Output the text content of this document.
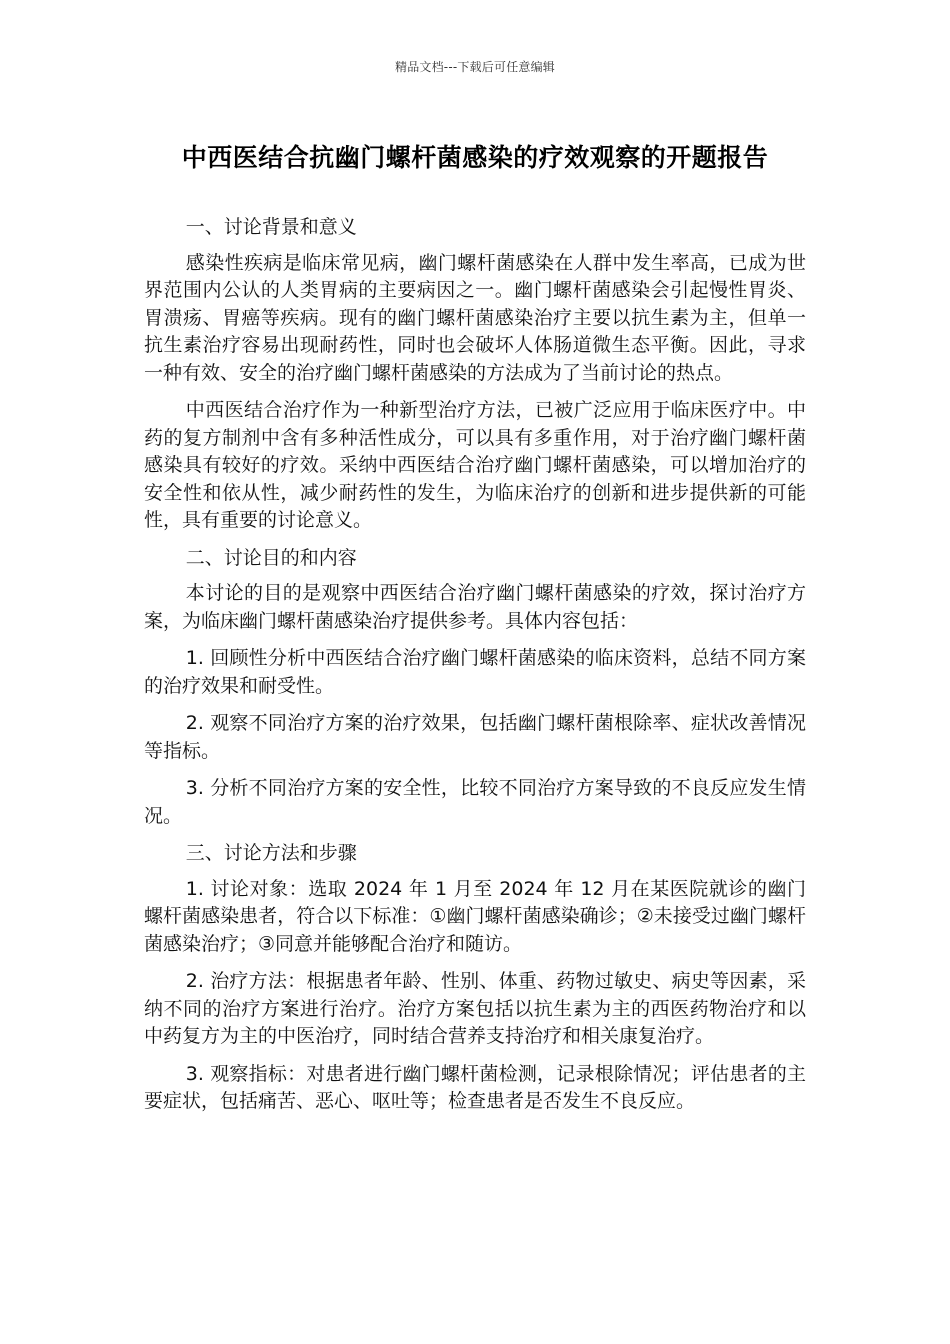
精品文档---下载后可任意编辑
中西医结合抗幽门螺杆菌感染的疗效观察的开题报告

一、讨论背景和意义

感染性疾病是临床常见病，幽门螺杆菌感染在人群中发生率高，已成为世界范围内公认的人类胃病的主要病因之一。幽门螺杆菌感染会引起慢性胃炎、胃溃疡、胃癌等疾病。现有的幽门螺杆菌感染治疗主要以抗生素为主，但单一抗生素治疗容易出现耐药性，同时也会破坏人体肠道微生态平衡。因此，寻求一种有效、安全的治疗幽门螺杆菌感染的方法成为了当前讨论的热点。

中西医结合治疗作为一种新型治疗方法，已被广泛应用于临床医疗中。中药的复方制剂中含有多种活性成分，可以具有多重作用，对于治疗幽门螺杆菌感染具有较好的疗效。采纳中西医结合治疗幽门螺杆菌感染，可以增加治疗的安全性和依从性，减少耐药性的发生，为临床治疗的创新和进步提供新的可能性，具有重要的讨论意义。

二、讨论目的和内容

本讨论的目的是观察中西医结合治疗幽门螺杆菌感染的疗效，探讨治疗方案，为临床幽门螺杆菌感染治疗提供参考。具体内容包括：

1. 回顾性分析中西医结合治疗幽门螺杆菌感染的临床资料，总结不同方案的治疗效果和耐受性。

2. 观察不同治疗方案的治疗效果，包括幽门螺杆菌根除率、症状改善情况等指标。

3. 分析不同治疗方案的安全性，比较不同治疗方案导致的不良反应发生情况。

三、讨论方法和步骤

1. 讨论对象：选取 2024 年 1 月至 2024 年 12 月在某医院就诊的幽门螺杆菌感染患者，符合以下标准：①幽门螺杆菌感染确诊；②未接受过幽门螺杆菌感染治疗；③同意并能够配合治疗和随访。

2. 治疗方法：根据患者年龄、性别、体重、药物过敏史、病史等因素，采纳不同的治疗方案进行治疗。治疗方案包括以抗生素为主的西医药物治疗和以中药复方为主的中医治疗，同时结合营养支持治疗和相关康复治疗。

3. 观察指标：对患者进行幽门螺杆菌检测，记录根除情况；评估患者的主要症状，包括痛苦、恶心、呕吐等；检查患者是否发生不良反应。
